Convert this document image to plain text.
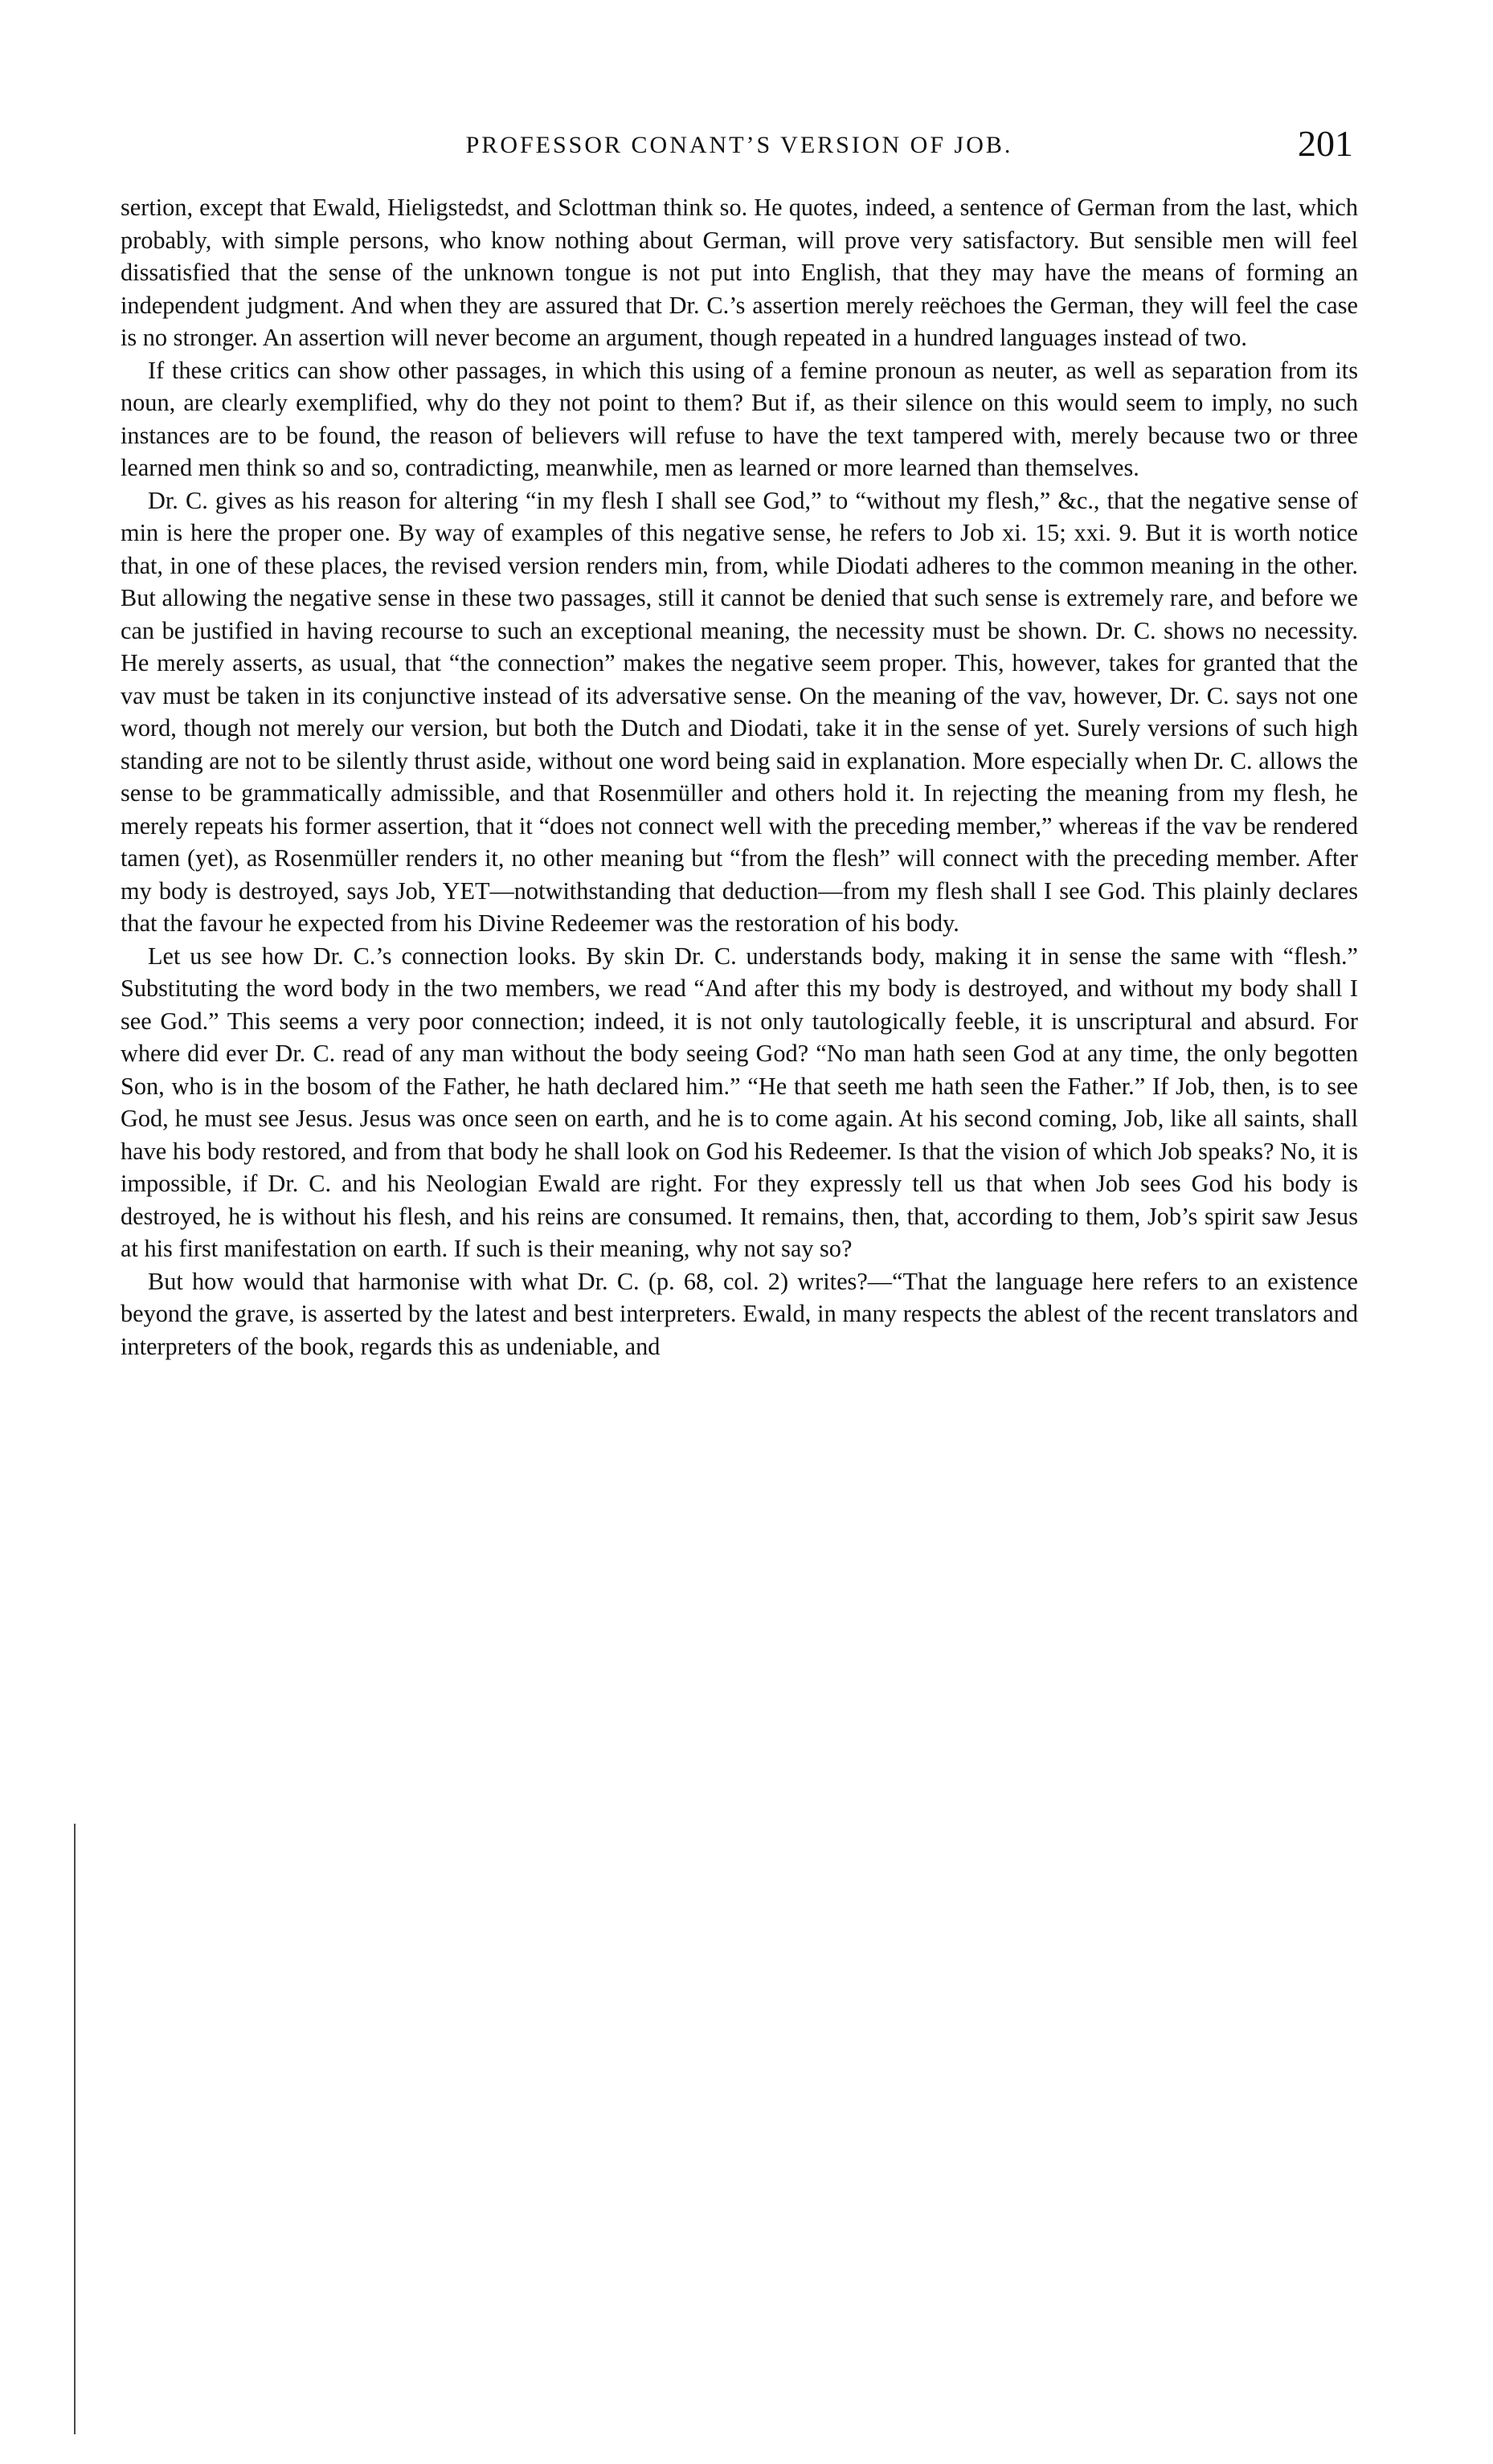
PROFESSOR CONANT’S VERSION OF JOB.	201

sertion, except that Ewald, Hieligstedst, and Sclottman think so. He quotes, indeed, a sentence of German from the last, which probably, with simple persons, who know nothing about German, will prove very satisfactory. But sensible men will feel dissatisfied that the sense of the unknown tongue is not put into English, that they may have the means of forming an independent judgment. And when they are assured that Dr. C.’s assertion merely reëchoes the German, they will feel the case is no stronger. An assertion will never become an argument, though repeated in a hundred languages instead of two.

If these critics can show other passages, in which this using of a femine pronoun as neuter, as well as separation from its noun, are clearly exemplified, why do they not point to them? But if, as their silence on this would seem to imply, no such instances are to be found, the reason of believers will refuse to have the text tampered with, merely because two or three learned men think so and so, contradicting, meanwhile, men as learned or more learned than themselves.

Dr. C. gives as his reason for altering “in my flesh I shall see God,” to “without my flesh,” &c., that the negative sense of min is here the proper one. By way of examples of this negative sense, he refers to Job xi. 15; xxi. 9. But it is worth notice that, in one of these places, the revised version renders min, from, while Diodati adheres to the common meaning in the other. But allowing the negative sense in these two passages, still it cannot be denied that such sense is extremely rare, and before we can be justified in having recourse to such an exceptional meaning, the necessity must be shown. Dr. C. shows no necessity. He merely asserts, as usual, that “the connection” makes the negative seem proper. This, however, takes for granted that the vav must be taken in its conjunctive instead of its adversative sense. On the meaning of the vav, however, Dr. C. says not one word, though not merely our version, but both the Dutch and Diodati, take it in the sense of yet. Surely versions of such high standing are not to be silently thrust aside, without one word being said in explanation. More especially when Dr. C. allows the sense to be grammatically admissible, and that Rosenmüller and others hold it. In rejecting the meaning from my flesh, he merely repeats his former assertion, that it “does not connect well with the preceding member,” whereas if the vav be rendered tamen (yet), as Rosenmüller renders it, no other meaning but “from the flesh” will connect with the preceding member. After my body is destroyed, says Job, YET—notwithstanding that deduction—from my flesh shall I see God. This plainly declares that the favour he expected from his Divine Redeemer was the restoration of his body.

Let us see how Dr. C.’s connection looks. By skin Dr. C. understands body, making it in sense the same with “flesh.” Substituting the word body in the two members, we read “And after this my body is destroyed, and without my body shall I see God.” This seems a very poor connection; indeed, it is not only tautologically feeble, it is unscriptural and absurd. For where did ever Dr. C. read of any man without the body seeing God? “No man hath seen God at any time, the only begotten Son, who is in the bosom of the Father, he hath declared him.” “He that seeth me hath seen the Father.” If Job, then, is to see God, he must see Jesus. Jesus was once seen on earth, and he is to come again. At his second coming, Job, like all saints, shall have his body restored, and from that body he shall look on God his Redeemer. Is that the vision of which Job speaks? No, it is impossible, if Dr. C. and his Neologian Ewald are right. For they expressly tell us that when Job sees God his body is destroyed, he is without his flesh, and his reins are consumed. It remains, then, that, according to them, Job’s spirit saw Jesus at his first manifestation on earth. If such is their meaning, why not say so?

But how would that harmonise with what Dr. C. (p. 68, col. 2) writes?—“That the language here refers to an existence beyond the grave, is asserted by the latest and best interpreters. Ewald, in many respects the ablest of the recent translators and interpreters of the book, regards this as undeniable, and
